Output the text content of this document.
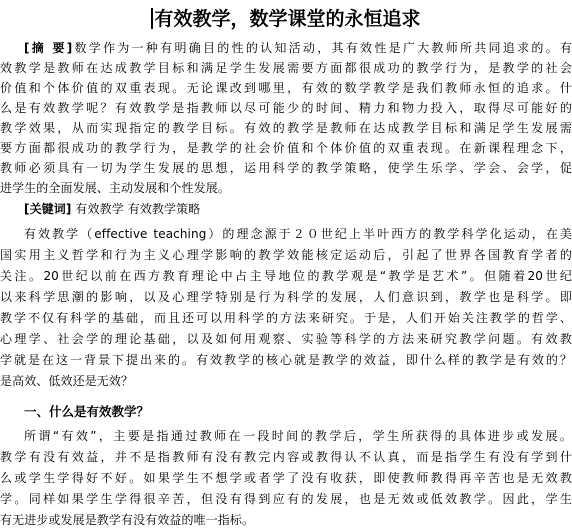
有效教学，数学课堂的永恒追求
[摘 要]数学作为一种有明确目的性的认知活动，其有效性是广大教师所共同追求的。有
效教学是教师在达成教学目标和满足学生发展需要方面都很成功的教学行为，是教学的社会
价值和个体价值的双重表现。无论课改到哪里，有效的数学教学是我们教师永恒的追求。什
么是有效教学呢？有效教学是指教师以尽可能少的时间、精力和物力投入，取得尽可能好的
教学效果，从而实现指定的教学目标。有效的教学是教师在达成教学目标和满足学生发展需
要方面都很成功的教学行为，是教学的社会价值和个体价值的双重表现。在新课程理念下，
教师必须具有一切为学生发展的思想，运用科学的教学策略，使学生乐学、学会、会学，促
进学生的全面发展、主动发展和个性发展。
[关键词] 有效教学 有效教学策略
有效教学（effective teaching）的理念源于２０世纪上半叶西方的教学科学化运动，在美
国实用主义哲学和行为主义心理学影响的教学效能核定运动后，引起了世界各国教育学者的
关注。20世纪以前在西方教育理论中占主导地位的教学观是“教学是艺术”。但随着20世纪
以来科学思潮的影响，以及心理学特别是行为科学的发展，人们意识到，教学也是科学。即
教学不仅有科学的基础，而且还可以用科学的方法来研究。于是，人们开始关注教学的哲学、
心理学、社会学的理论基础，以及如何用观察、实验等科学的方法来研究教学问题。有效教
学就是在这一背景下提出来的。有效教学的核心就是教学的效益，即什么样的教学是有效的？
是高效、低效还是无效？
一、什么是有效教学？
所谓“有效”，主要是指通过教师在一段时间的教学后，学生所获得的具体进步或发展。
教学有没有效益，并不是指教师有没有教完内容或教得认不认真，而是指学生有没有学到什
么或学生学得好不好。如果学生不想学或者学了没有收获，即使教师教得再辛苦也是无效教
学。同样如果学生学得很辛苦，但没有得到应有的发展，也是无效或低效教学。因此，学生
有无进步或发展是教学有没有效益的唯一指标。
